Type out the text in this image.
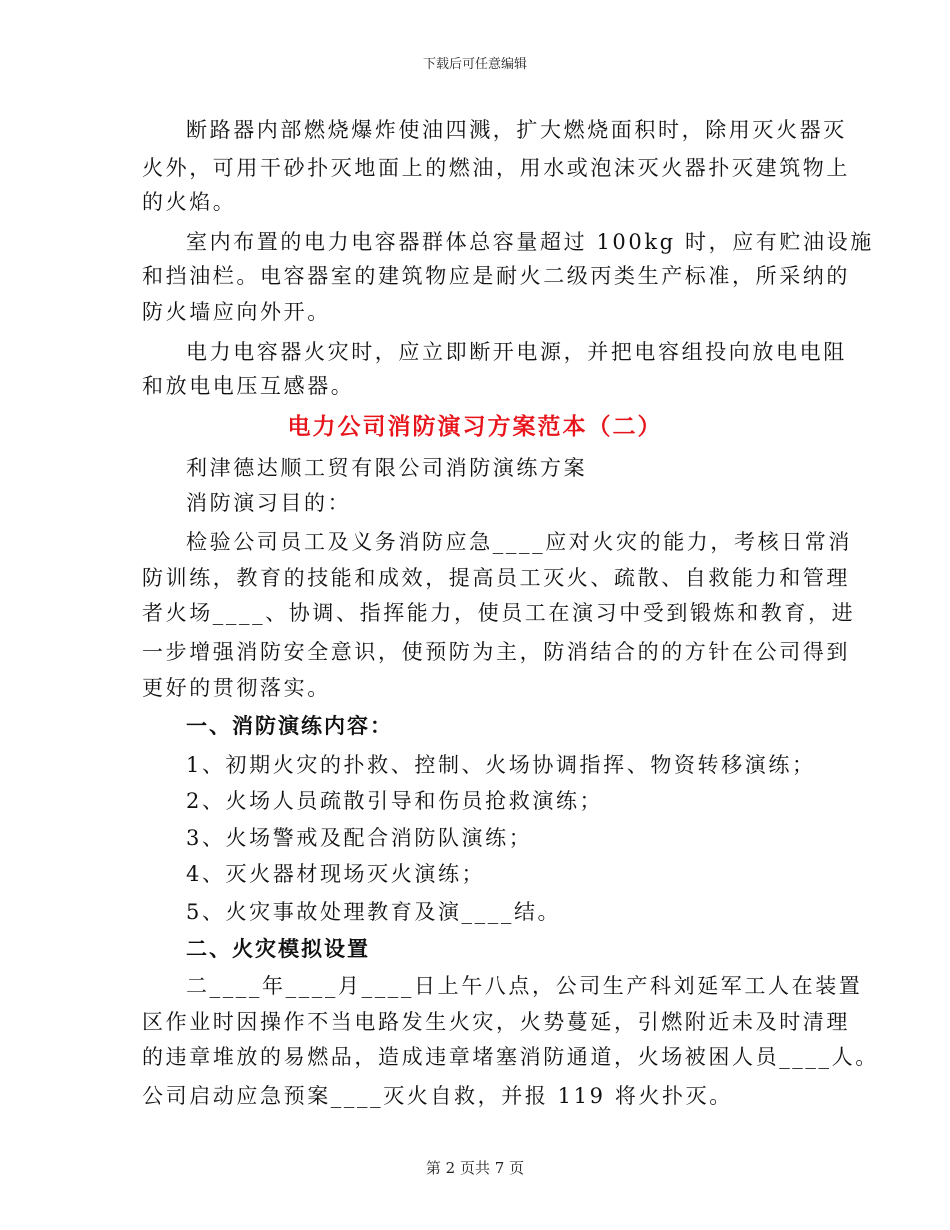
下载后可任意编辑
断路器内部燃烧爆炸使油四溅，扩大燃烧面积时，除用灭火器灭
火外，可用干砂扑灭地面上的燃油，用水或泡沫灭火器扑灭建筑物上
的火焰。
室内布置的电力电容器群体总容量超过 100kg 时，应有贮油设施
和挡油栏。电容器室的建筑物应是耐火二级丙类生产标准，所采纳的
防火墙应向外开。
电力电容器火灾时，应立即断开电源，并把电容组投向放电电阻
和放电电压互感器。
电力公司消防演习方案范本（二）
利津德达顺工贸有限公司消防演练方案
消防演习目的：
检验公司员工及义务消防应急____应对火灾的能力，考核日常消
防训练，教育的技能和成效，提高员工灭火、疏散、自救能力和管理
者火场____、协调、指挥能力，使员工在演习中受到锻炼和教育，进
一步增强消防安全意识，使预防为主，防消结合的的方针在公司得到
更好的贯彻落实。
一、消防演练内容：
1、初期火灾的扑救、控制、火场协调指挥、物资转移演练；
2、火场人员疏散引导和伤员抢救演练；
3、火场警戒及配合消防队演练；
4、灭火器材现场灭火演练；
5、火灾事故处理教育及演____结。
二、火灾模拟设置
二____年____月____日上午八点，公司生产科刘延军工人在装置
区作业时因操作不当电路发生火灾，火势蔓延，引燃附近未及时清理
的违章堆放的易燃品，造成违章堵塞消防通道，火场被困人员____人。
公司启动应急预案____灭火自救，并报 119 将火扑灭。
第 2 页共 7 页
